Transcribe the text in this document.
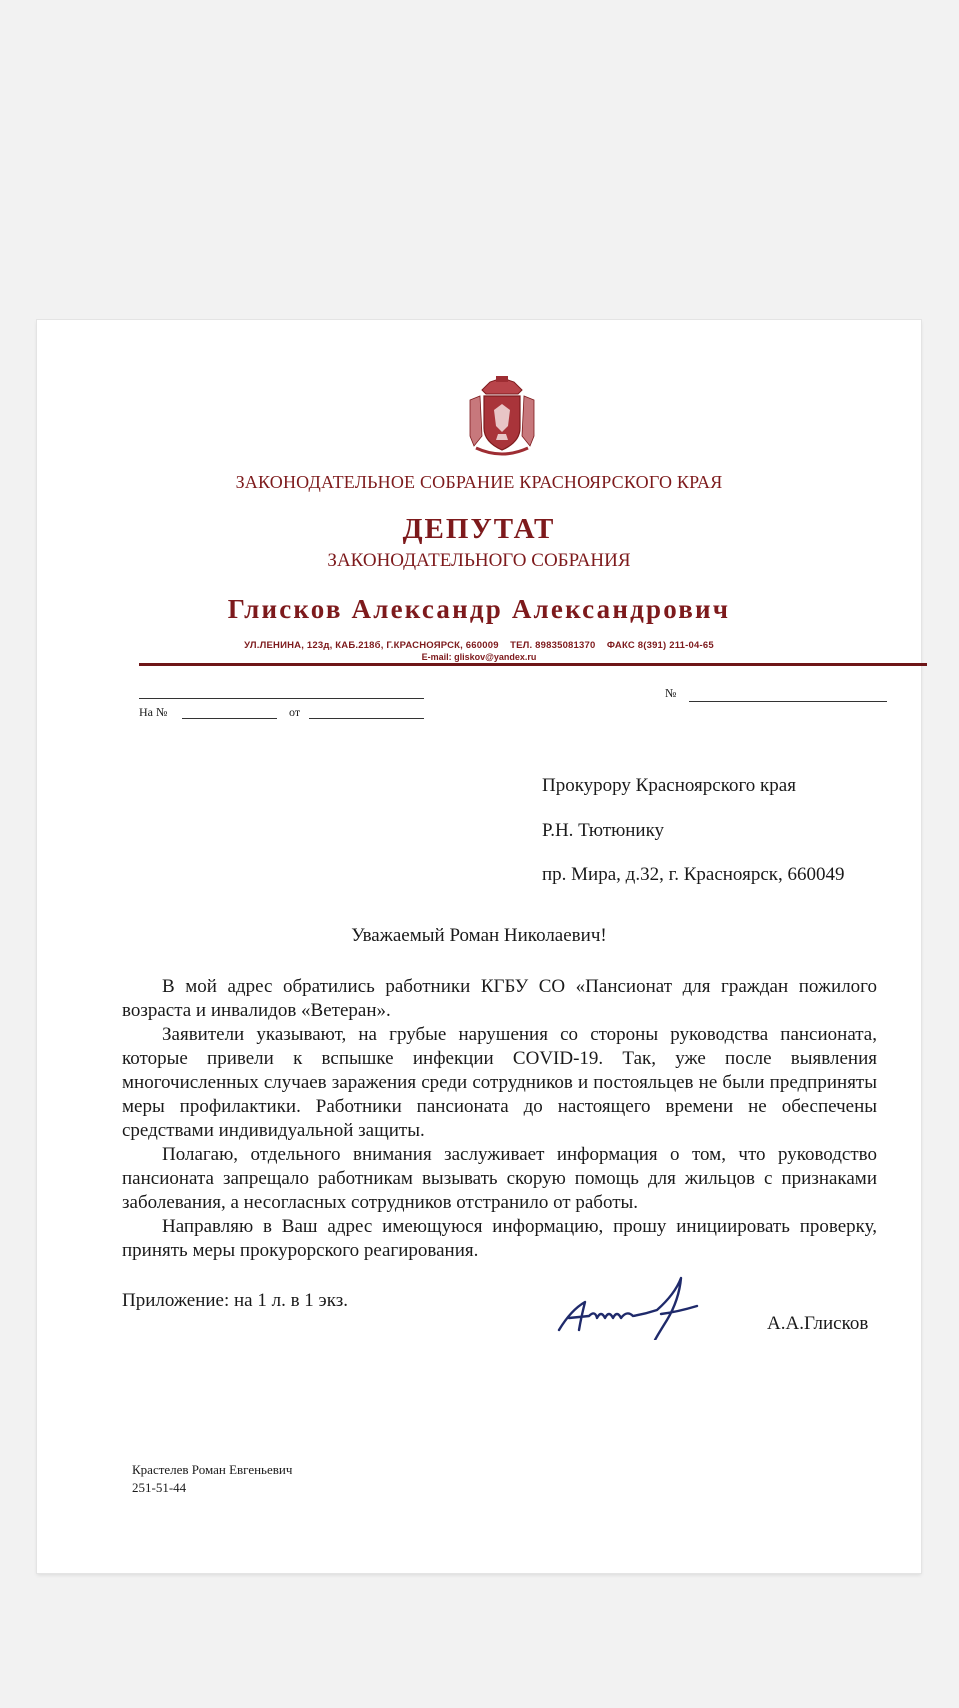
ЗАКОНОДАТЕЛЬНОЕ СОБРАНИЕ КРАСНОЯРСКОГО КРАЯ
ДЕПУТАТ
ЗАКОНОДАТЕЛЬНОГО СОБРАНИЯ
Глисков Александр Александрович
УЛ.ЛЕНИНА, 123д, КАБ.218б, Г.КРАСНОЯРСК, 660009    ТЕЛ. 89835081370    ФАКС 8(391) 211-04-65
E-mail: gliskov@yandex.ru
На №	от
№
Прокурору Красноярского края
Р.Н. Тютюнику
пр. Мира, д.32, г. Красноярск, 660049
Уважаемый Роман Николаевич!

В мой адрес обратились работники КГБУ СО «Пансионат для граждан пожилого возраста и инвалидов «Ветеран».

Заявители указывают, на грубые нарушения со стороны руководства пансионата, которые привели к вспышке инфекции COVID-19. Так, уже после выявления многочисленных случаев заражения среди сотрудников и постояльцев не были предприняты меры профилактики. Работники пансионата до настоящего времени не обеспечены средствами индивидуальной защиты.

Полагаю, отдельного внимания заслуживает информация о том, что руководство пансионата запрещало работникам вызывать скорую помощь для жильцов с признаками заболевания, а несогласных сотрудников отстранило от работы.

Направляю в Ваш адрес имеющуюся информацию, прошу инициировать проверку, принять меры прокурорского реагирования.

Приложение: на 1 л. в 1 экз.
А.А.Глисков
Крастелев Роман Евгеньевич
251-51-44
